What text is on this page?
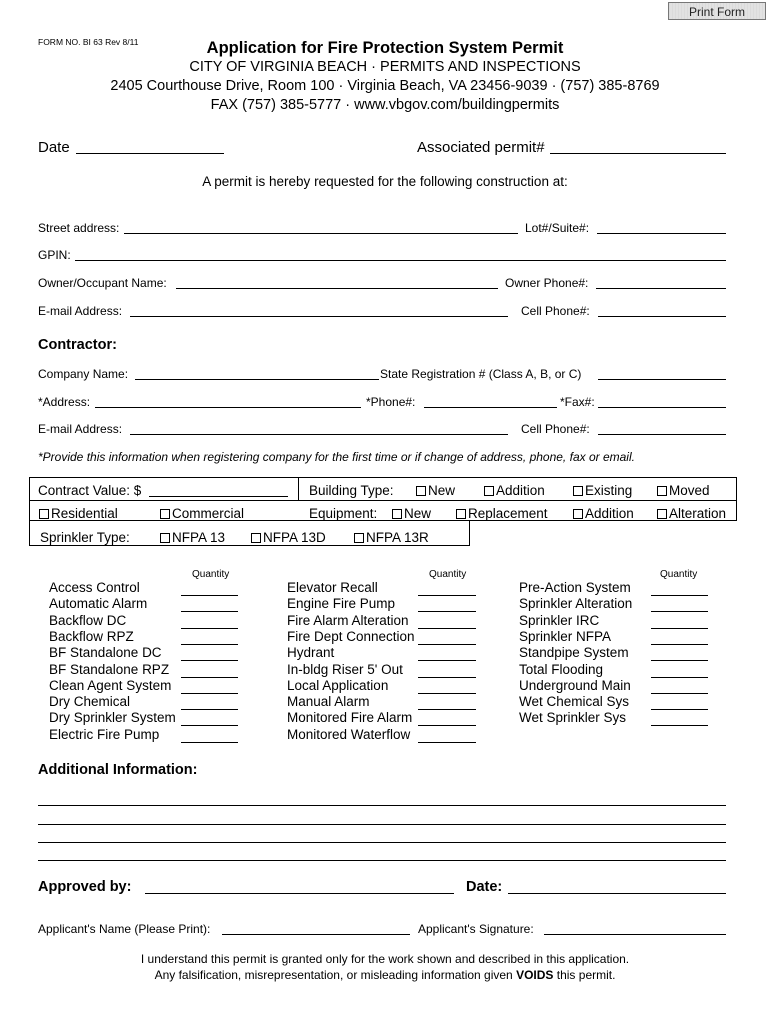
Print Form
FORM NO. BI 63 Rev 8/11	Application for Fire Protection System Permit
CITY OF VIRGINIA BEACH · PERMITS AND INSPECTIONS
2405 Courthouse Drive, Room 100 · Virginia Beach, VA 23456-9039 · (757) 385-8769
FAX (757) 385-5777 · www.vbgov.com/buildingpermits
Date	Associated permit#
A permit is hereby requested for the following construction at:
Street address:	Lot#/Suite#:
GPIN:
Owner/Occupant Name:	Owner Phone#:
E-mail Address:	Cell Phone#:
Contractor:
Company Name:	State Registration # (Class A, B, or C)
*Address:	*Phone#:	*Fax#:
E-mail Address:	Cell Phone#:
*Provide this information when registering company for the first time or if change of address, phone, fax or email.
Contract Value: $	Building Type:	New	Addition	Existing	Moved
Residential	Commercial	Equipment:	New	Replacement	Addition	Alteration
Sprinkler Type:	NFPA 13	NFPA 13D	NFPA 13R
Quantity	Quantity	Quantity
Access Control
Automatic Alarm
Backflow DC
Backflow RPZ
BF Standalone DC
BF Standalone RPZ
Clean Agent System
Dry Chemical
Dry Sprinkler System
Electric Fire Pump
Elevator Recall
Engine Fire Pump
Fire Alarm Alteration
Fire Dept Connection
Hydrant
In-bldg Riser 5' Out
Local Application
Manual Alarm
Monitored Fire Alarm
Monitored Waterflow
Pre-Action System
Sprinkler Alteration
Sprinkler IRC
Sprinkler NFPA
Standpipe System
Total Flooding
Underground Main
Wet Chemical Sys
Wet Sprinkler Sys
Additional Information:
Approved by:	Date:
Applicant's Name (Please Print):	Applicant's Signature:
I understand this permit is granted only for the work shown and described in this application.
Any falsification, misrepresentation, or misleading information given VOIDS this permit.
